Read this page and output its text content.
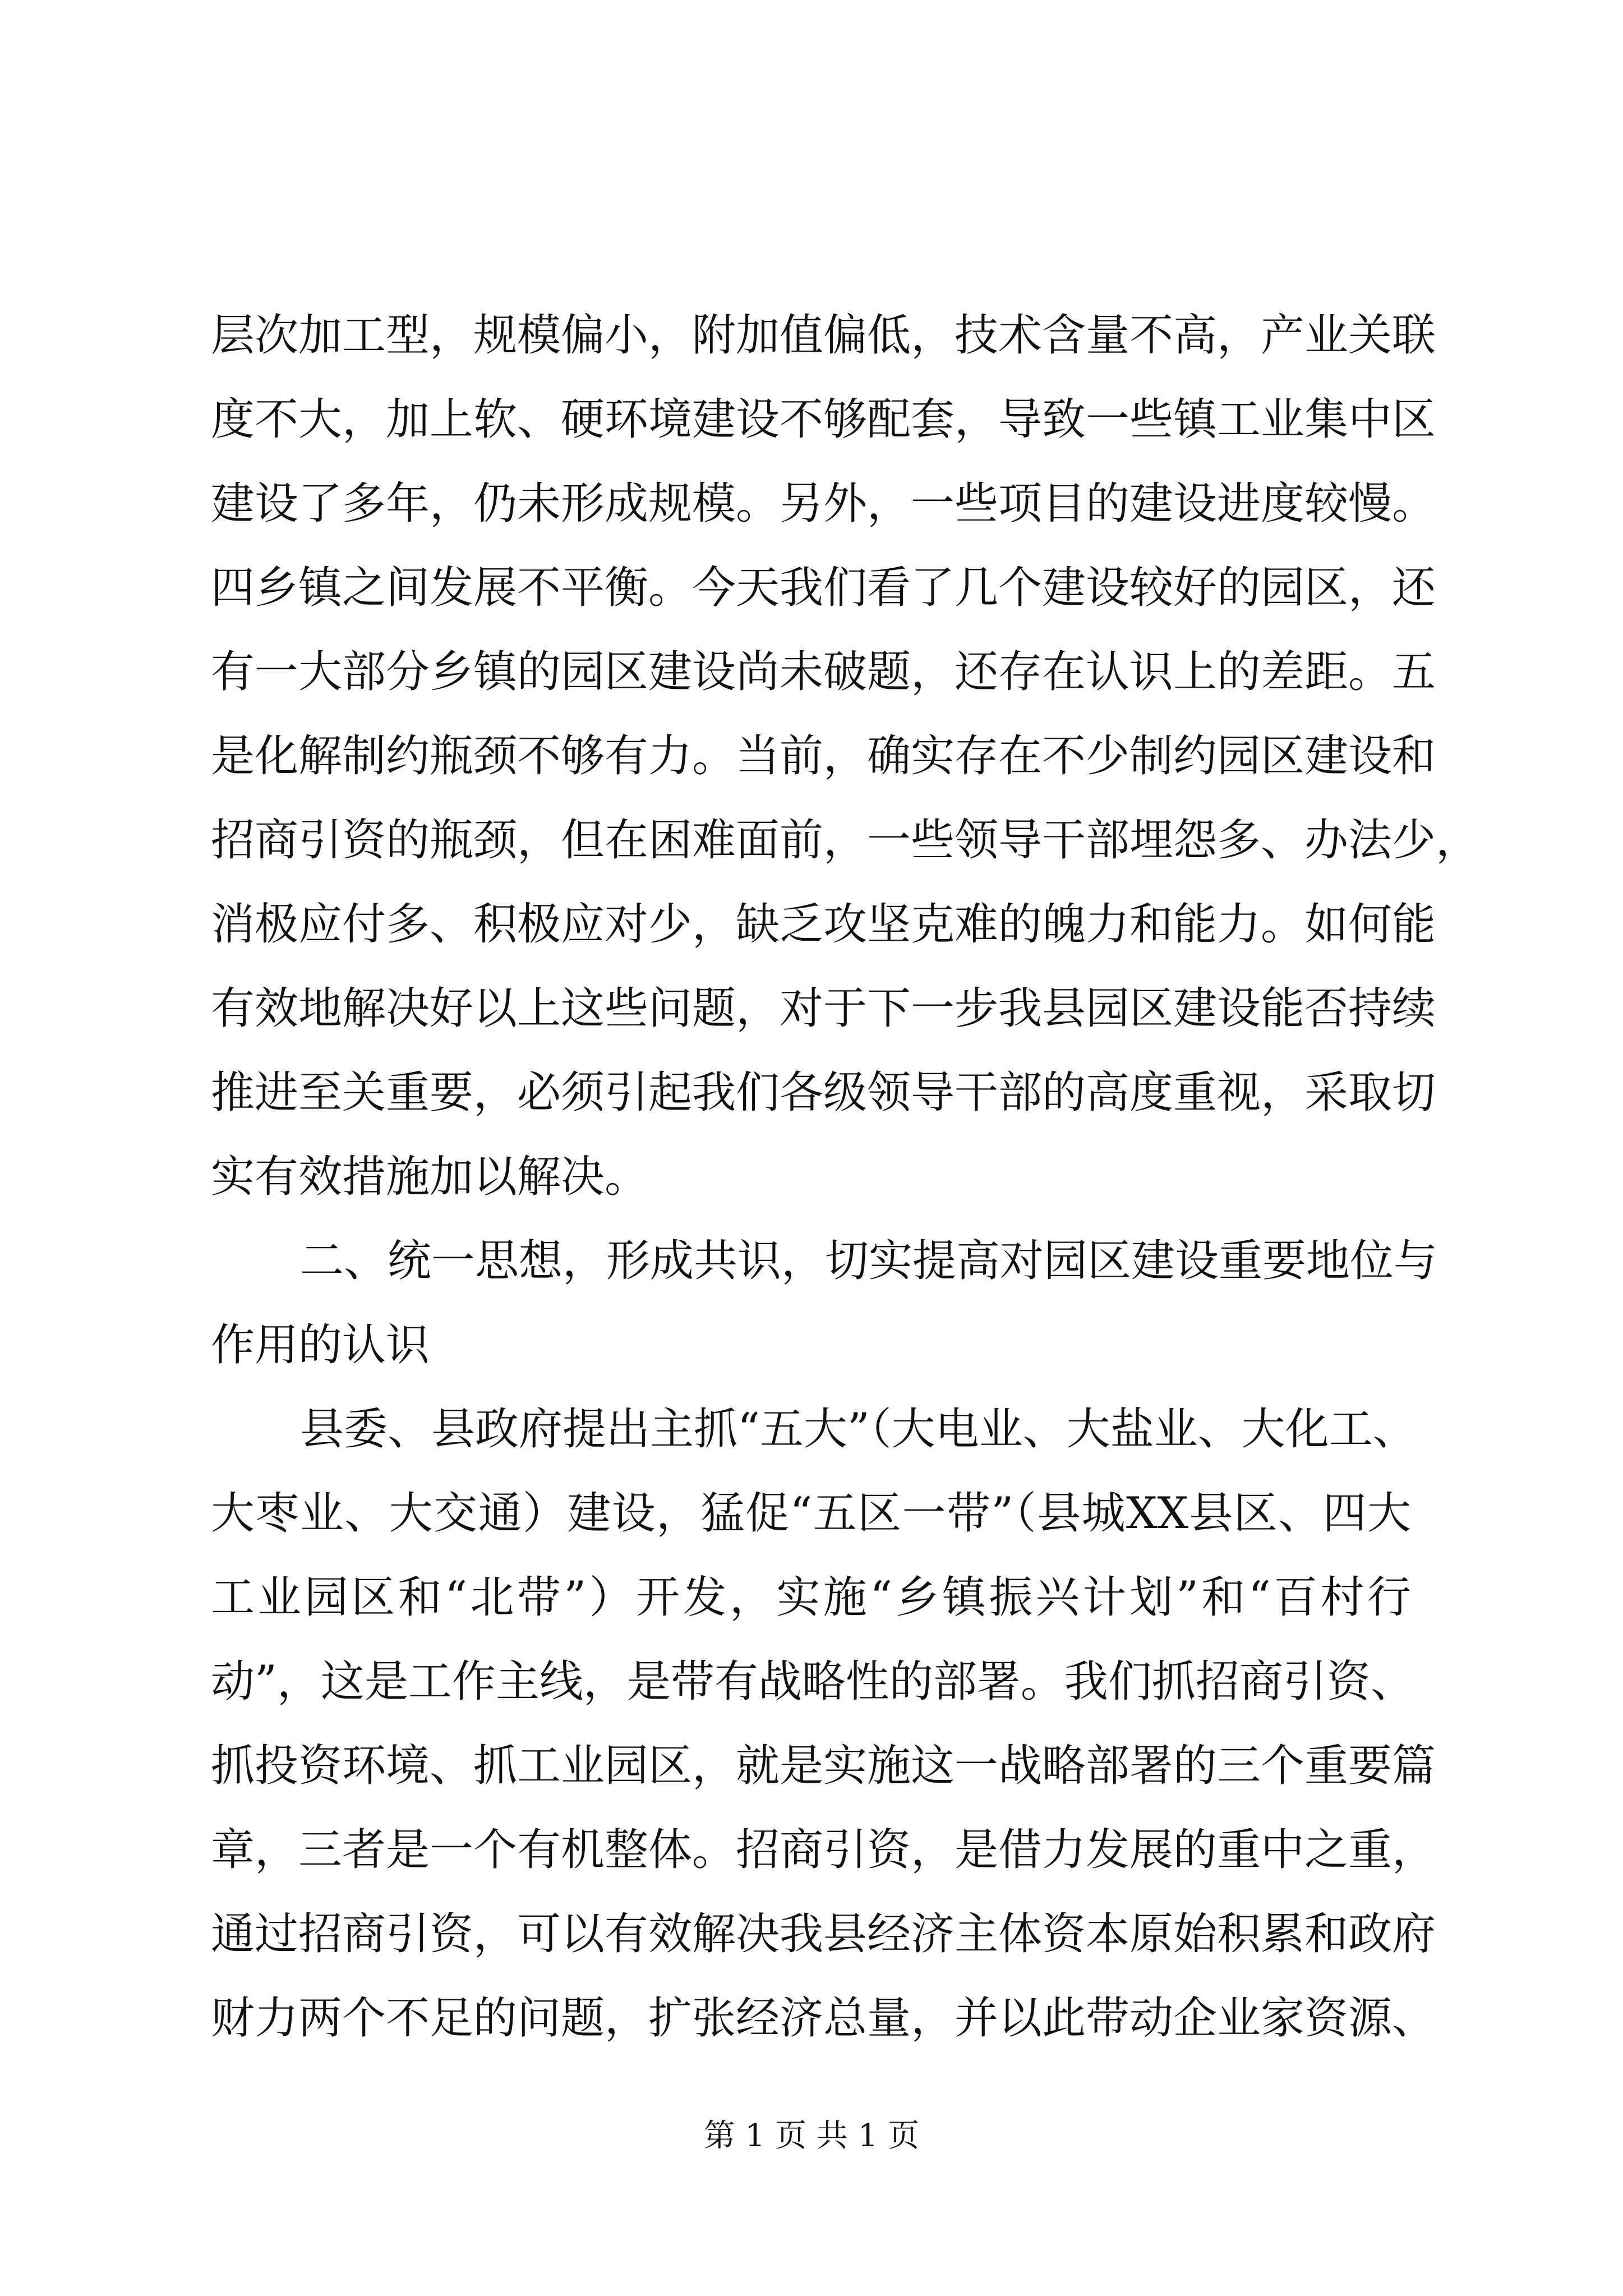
层次加工型，规模偏小，附加值偏低，技术含量不高，产业关联
度不大，加上软、硬环境建设不够配套，导致一些镇工业集中区
建设了多年，仍未形成规模。另外，一些项目的建设进度较慢。
四乡镇之间发展不平衡。今天我们看了几个建设较好的园区，还
有一大部分乡镇的园区建设尚未破题，还存在认识上的差距。五
是化解制约瓶颈不够有力。当前，确实存在不少制约园区建设和
招商引资的瓶颈，但在困难面前，一些领导干部埋怨多、办法少，
消极应付多、积极应对少，缺乏攻坚克难的魄力和能力。如何能
有效地解决好以上这些问题，对于下一步我县园区建设能否持续
推进至关重要，必须引起我们各级领导干部的高度重视，采取切
实有效措施加以解决。
二、统一思想，形成共识，切实提高对园区建设重要地位与
作用的认识
县委、县政府提出主抓“五大”（大电业、大盐业、大化工、
大枣业、大交通）建设，猛促“五区一带”（县城XX县区、四大
工业园区和“北带”）开发，实施“乡镇振兴计划”和“百村行
动”，这是工作主线，是带有战略性的部署。我们抓招商引资、
抓投资环境、抓工业园区，就是实施这一战略部署的三个重要篇
章，三者是一个有机整体。招商引资，是借力发展的重中之重，
通过招商引资，可以有效解决我县经济主体资本原始积累和政府
财力两个不足的问题，扩张经济总量，并以此带动企业家资源、
第 1 页 共 1 页
